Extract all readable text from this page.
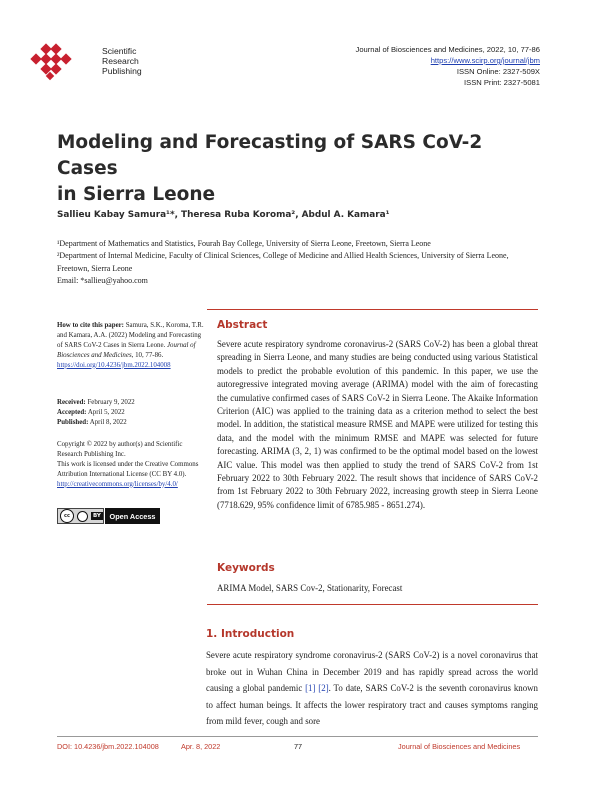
Scientific
Research
Publishing
Journal of Biosciences and Medicines, 2022, 10, 77-86
https://www.scirp.org/journal/jbm
ISSN Online: 2327-509X
ISSN Print: 2327-5081
Modeling and Forecasting of SARS CoV-2 Cases
in Sierra Leone
Sallieu Kabay Samura¹*, Theresa Ruba Koroma², Abdul A. Kamara¹
¹Department of Mathematics and Statistics, Fourah Bay College, University of Sierra Leone, Freetown, Sierra Leone
²Department of Internal Medicine, Faculty of Clinical Sciences, College of Medicine and Allied Health Sciences, University of Sierra Leone, Freetown, Sierra Leone
Email: *sallieu@yahoo.com
How to cite this paper: Samura, S.K., Koroma, T.R. and Kamara, A.A. (2022) Modeling and Forecasting of SARS CoV-2 Cases in Sierra Leone. Journal of Biosciences and Medicines, 10, 77-86.
https://doi.org/10.4236/jbm.2022.104008
Received: February 9, 2022
Accepted: April 5, 2022
Published: April 8, 2022
Copyright © 2022 by author(s) and Scientific Research Publishing Inc.
This work is licensed under the Creative Commons Attribution International License (CC BY 4.0).
http://creativecommons.org/licenses/by/4.0/
cc	BY	Open Access
Abstract
Severe acute respiratory syndrome coronavirus-2 (SARS CoV-2) has been a global threat spreading in Sierra Leone, and many studies are being conducted using various Statistical models to predict the probable evolution of this pandemic. In this paper, we use the autoregressive integrated moving average (ARIMA) model with the aim of forecasting the cumulative confirmed cases of SARS CoV-2 in Sierra Leone. The Akaike Information Criterion (AIC) was applied to the training data as a criterion method to select the best model. In addition, the statistical measure RMSE and MAPE were utilized for testing this data, and the model with the minimum RMSE and MAPE was selected for future forecasting. ARIMA (3, 2, 1) was confirmed to be the optimal model based on the lowest AIC value. This model was then applied to study the trend of SARS CoV-2 from 1st February 2022 to 30th February 2022. The result shows that incidence of SARS CoV-2 from 1st February 2022 to 30th February 2022, increasing growth steep in Sierra Leone (7718.629, 95% confidence limit of 6785.985 - 8651.274).
Keywords
ARIMA Model, SARS Cov-2, Stationarity, Forecast
1. Introduction
Severe acute respiratory syndrome coronavirus-2 (SARS CoV-2) is a novel coronavirus that broke out in Wuhan China in December 2019 and has rapidly spread across the world causing a global pandemic [1] [2]. To date, SARS CoV-2 is the seventh coronavirus known to affect human beings. It affects the lower respiratory tract and causes symptoms ranging from mild fever, cough and sore
DOI: 10.4236/jbm.2022.104008	Apr. 8, 2022	77	Journal of Biosciences and Medicines
